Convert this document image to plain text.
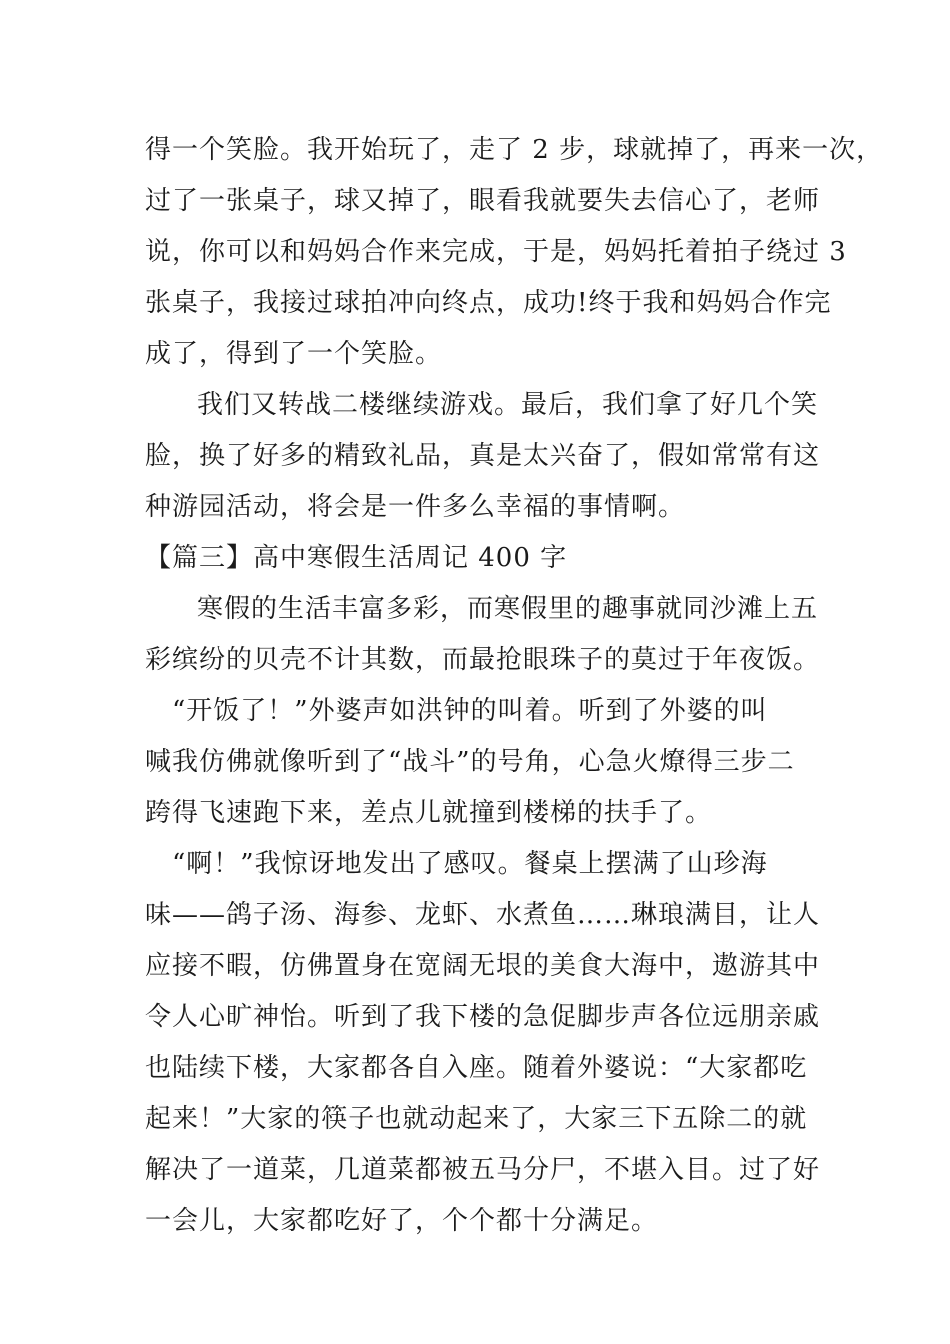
得一个笑脸。我开始玩了，走了 2 步，球就掉了，再来一次，
过了一张桌子，球又掉了，眼看我就要失去信心了，老师
说，你可以和妈妈合作来完成，于是，妈妈托着拍子绕过 3
张桌子，我接过球拍冲向终点，成功!终于我和妈妈合作完
成了，得到了一个笑脸。
我们又转战二楼继续游戏。最后，我们拿了好几个笑
脸，换了好多的精致礼品，真是太兴奋了，假如常常有这
种游园活动，将会是一件多么幸福的事情啊。
【篇三】高中寒假生活周记 400 字
寒假的生活丰富多彩，而寒假里的趣事就同沙滩上五
彩缤纷的贝壳不计其数，而最抢眼珠子的莫过于年夜饭。
“开饭了！”外婆声如洪钟的叫着。听到了外婆的叫
喊我仿佛就像听到了“战斗”的号角，心急火燎得三步二
跨得飞速跑下来，差点儿就撞到楼梯的扶手了。
“啊！”我惊讶地发出了感叹。餐桌上摆满了山珍海
味——鸽子汤、海参、龙虾、水煮鱼……琳琅满目，让人
应接不暇，仿佛置身在宽阔无垠的美食大海中，遨游其中
令人心旷神怡。听到了我下楼的急促脚步声各位远朋亲戚
也陆续下楼，大家都各自入座。随着外婆说：“大家都吃
起来！”大家的筷子也就动起来了，大家三下五除二的就
解决了一道菜，几道菜都被五马分尸，不堪入目。过了好
一会儿，大家都吃好了，个个都十分满足。
